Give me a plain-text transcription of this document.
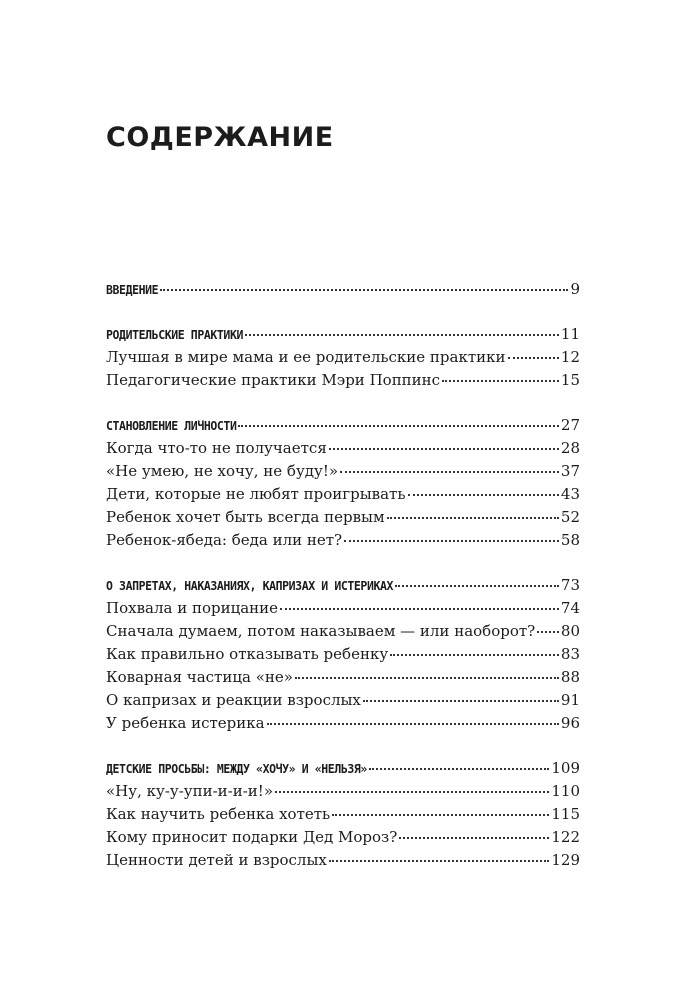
СОДЕРЖАНИЕ
ВВЕДЕНИЕ	9
РОДИТЕЛЬСКИЕ ПРАКТИКИ	11
Лучшая в мире мама и ее родительские практики	12
Педагогические практики Мэри Поппинс	15
СТАНОВЛЕНИЕ ЛИЧНОСТИ	27
Когда что-то не получается	28
«Не умею, не хочу, не буду!»	37
Дети, которые не любят проигрывать	43
Ребенок хочет быть всегда первым	52
Ребенок-ябеда: беда или нет?	58
О ЗАПРЕТАХ, НАКАЗАНИЯХ, КАПРИЗАХ И ИСТЕРИКАХ	73
Похвала и порицание	74
Сначала думаем, потом наказываем — или наоборот? 80
Как правильно отказывать ребенку	83
Коварная частица «не»	88
О капризах и реакции взрослых	91
У ребенка истерика	96
ДЕТСКИЕ ПРОСЬБЫ: МЕЖДУ «ХОЧУ» И «НЕЛЬЗЯ»	109
«Ну, ку-у-упи-и-и-и!»	110
Как научить ребенка хотеть	115
Кому приносит подарки Дед Мороз?	122
Ценности детей и взрослых	129
